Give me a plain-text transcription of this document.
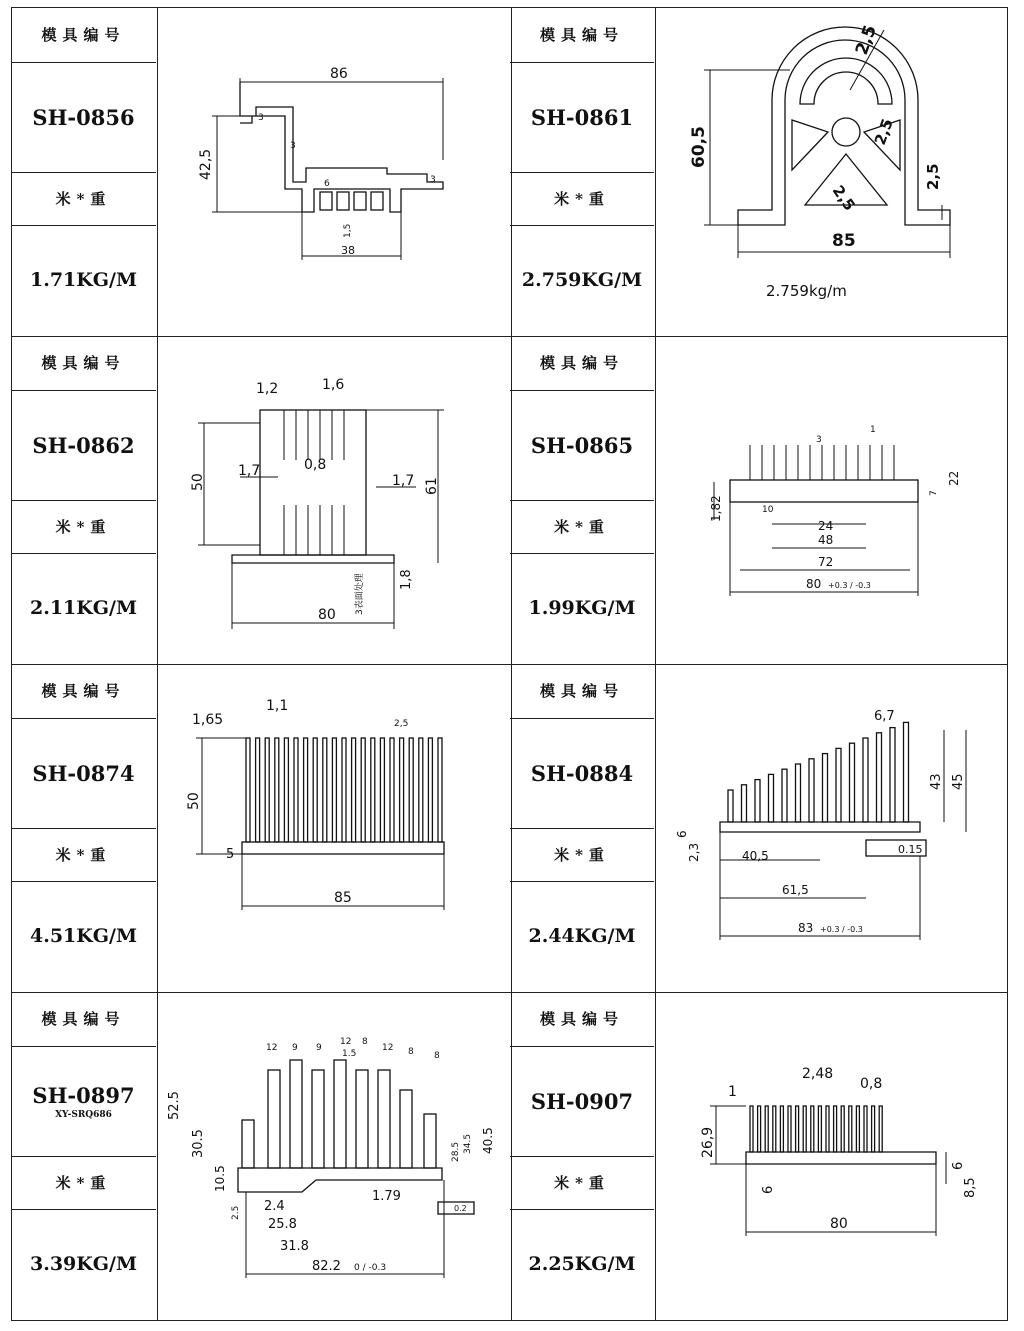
模具编号
SH-0856
米*重
1.71KG/M
模具编号
SH-0861
米*重
2.759KG/M
模具编号
SH-0862
米*重
2.11KG/M
模具编号
SH-0865
米*重
1.99KG/M
模具编号
SH-0874
米*重
4.51KG/M
模具编号
SH-0884
米*重
2.44KG/M
模具编号
SH-0897
XY-SRQ686
米*重
3.39KG/M
模具编号
SH-0907
米*重
2.25KG/M
86
42,5
3
3
3
6
1,5
38
60,5
2,5
2,5
2,5
2,5
85
2.759kg/m
50	61
1,2	1,6
1,7	0,8
1,7
1,8
3表面处理
80
1,82
3
1
10
24
48
72
80 +0.3 / -0.3
22
7
50
5
1,65
1,1
2,5
85
0.15
6,7
43 45
6
2,3	40,5
61,5
83 +0.3 / -0.3
12 9 9
12 8
12 8 8
1.5
52.5
30.5
10.5
2.5 2.4
25.8
31.8
1.79
28.5 34.5 40.5
82.2 0 / -0.3
0.2
1
2,48
0,8
26,9
6
6
8,5
80
